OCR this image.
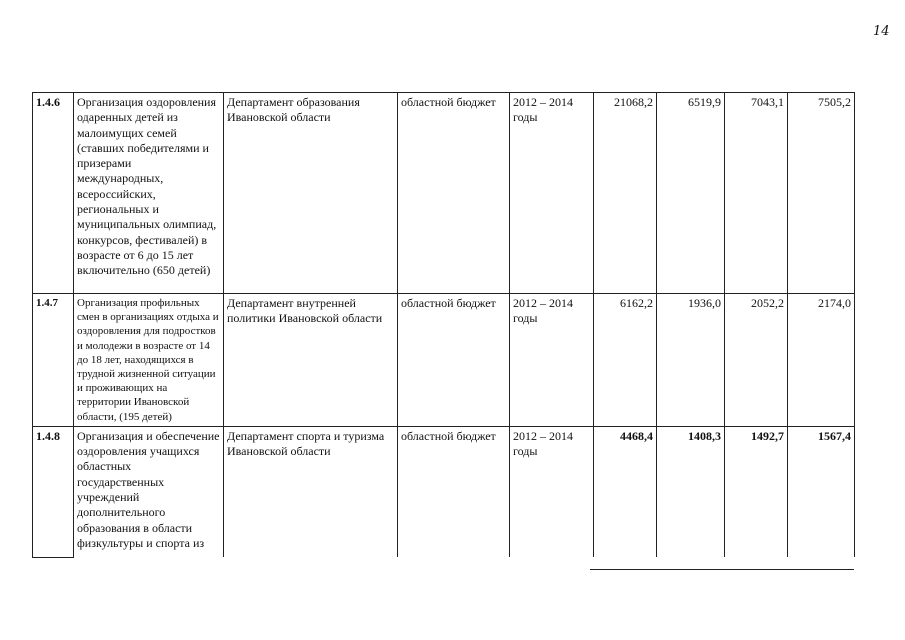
14
1.4.6	Организация оздоровления одаренных детей из малоимущих семей (ставших победителями и призерами международных, всероссийских, региональных и муниципальных олимпиад, конкурсов, фестивалей) в возрасте от 6 до 15 лет включительно (650 детей)	Департамент образования Ивановской области	областной бюджет	2012 – 2014 годы	21068,2	6519,9	7043,1	7505,2
1.4.7	Организация профильных смен в организациях отдыха и оздоровления для подростков и молодежи в возрасте от 14 до 18 лет, находящихся в трудной жизненной ситуации и проживающих на территории Ивановской области, (195 детей)	Департамент внутренней политики Ивановской области	областной бюджет	2012 – 2014 годы	6162,2	1936,0	2052,2	2174,0
1.4.8	Организация и обеспечение оздоровления учащихся областных государственных учреждений дополнительного образования в области физкультуры и спорта из	Департамент спорта и туризма Ивановской области	областной бюджет	2012 – 2014 годы	4468,4	1408,3	1492,7	1567,4
